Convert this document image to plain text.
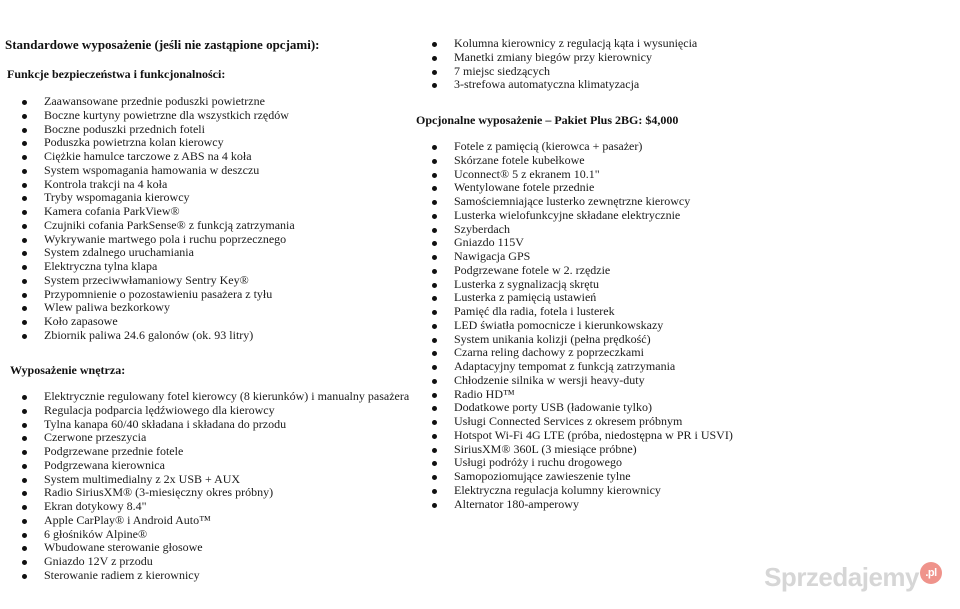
Standardowe wyposażenie (jeśli nie zastąpione opcjami):
Funkcje bezpieczeństwa i funkcjonalności:
Zaawansowane przednie poduszki powietrzne
Boczne kurtyny powietrzne dla wszystkich rzędów
Boczne poduszki przednich foteli
Poduszka powietrzna kolan kierowcy
Ciężkie hamulce tarczowe z ABS na 4 koła
System wspomagania hamowania w deszczu
Kontrola trakcji na 4 koła
Tryby wspomagania kierowcy
Kamera cofania ParkView®
Czujniki cofania ParkSense® z funkcją zatrzymania
Wykrywanie martwego pola i ruchu poprzecznego
System zdalnego uruchamiania
Elektryczna tylna klapa
System przeciwwłamaniowy Sentry Key®
Przypomnienie o pozostawieniu pasażera z tyłu
Wlew paliwa bezkorkowy
Koło zapasowe
Zbiornik paliwa 24.6 galonów (ok. 93 litry)
Wyposażenie wnętrza:
Elektrycznie regulowany fotel kierowcy (8 kierunków) i manualny pasażera
Regulacja podparcia lędźwiowego dla kierowcy
Tylna kanapa 60/40 składana i składana do przodu
Czerwone przeszycia
Podgrzewane przednie fotele
Podgrzewana kierownica
System multimedialny z 2x USB + AUX
Radio SiriusXM® (3-miesięczny okres próbny)
Ekran dotykowy 8.4"
Apple CarPlay® i Android Auto™
6 głośników Alpine®
Wbudowane sterowanie głosowe
Gniazdo 12V z przodu
Sterowanie radiem z kierownicy
Kolumna kierownicy z regulacją kąta i wysunięcia
Manetki zmiany biegów przy kierownicy
7 miejsc siedzących
3-strefowa automatyczna klimatyzacja
Opcjonalne wyposażenie – Pakiet Plus 2BG: $4,000
Fotele z pamięcią (kierowca + pasażer)
Skórzane fotele kubełkowe
Uconnect® 5 z ekranem 10.1"
Wentylowane fotele przednie
Samościemniające lusterko zewnętrzne kierowcy
Lusterka wielofunkcyjne składane elektrycznie
Szyberdach
Gniazdo 115V
Nawigacja GPS
Podgrzewane fotele w 2. rzędzie
Lusterka z sygnalizacją skrętu
Lusterka z pamięcią ustawień
Pamięć dla radia, fotela i lusterek
LED światła pomocnicze i kierunkowskazy
System unikania kolizji (pełna prędkość)
Czarna reling dachowy z poprzeczkami
Adaptacyjny tempomat z funkcją zatrzymania
Chłodzenie silnika w wersji heavy-duty
Radio HD™
Dodatkowe porty USB (ładowanie tylko)
Usługi Connected Services z okresem próbnym
Hotspot Wi-Fi 4G LTE (próba, niedostępna w PR i USVI)
SiriusXM® 360L (3 miesiące próbne)
Usługi podróży i ruchu drogowego
Samopoziomujące zawieszenie tylne
Elektryczna regulacja kolumny kierownicy
Alternator 180-amperowy
Sprzedajemy .pl
